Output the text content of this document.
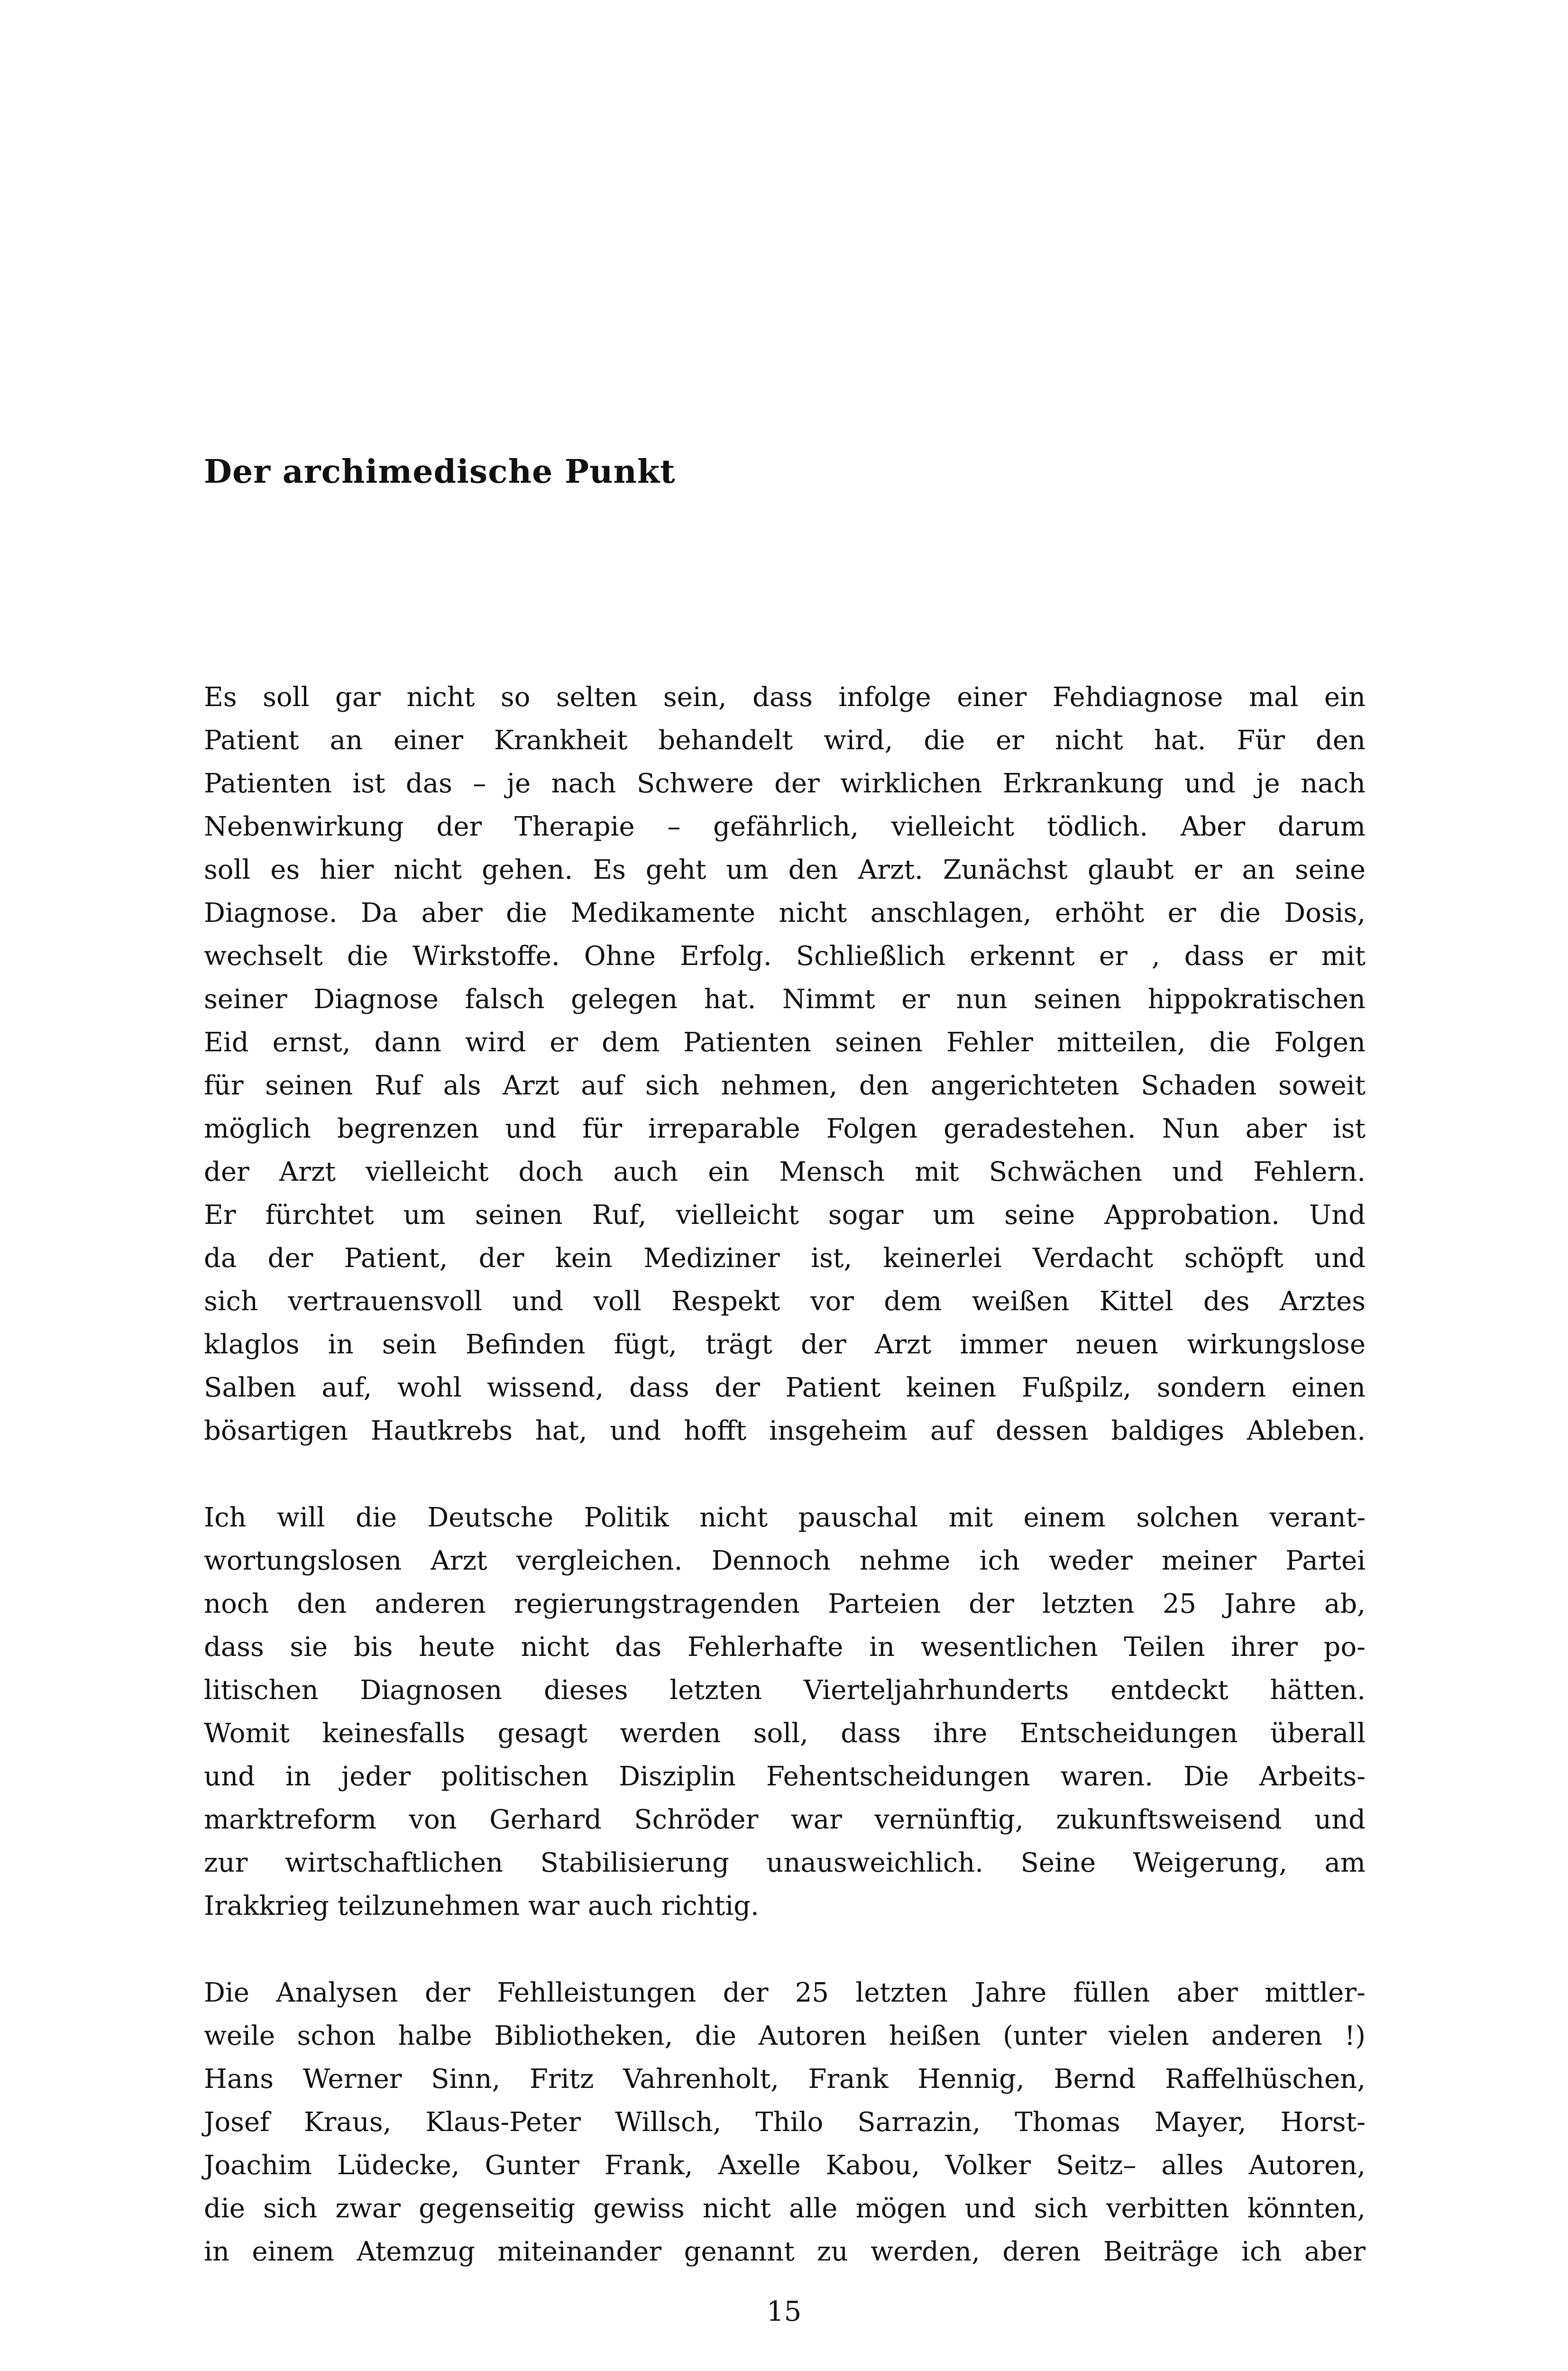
Der archimedische Punkt
Es soll gar nicht so selten sein, dass infolge einer Fehdiagnose mal ein
Patient an einer Krankheit behandelt wird, die er nicht hat. Für den
Patienten ist das – je nach Schwere der wirklichen Erkrankung und je nach
Nebenwirkung der Therapie – gefährlich, vielleicht tödlich. Aber darum
soll es hier nicht gehen. Es geht um den Arzt. Zunächst glaubt er an seine
Diagnose. Da aber die Medikamente nicht anschlagen, erhöht er die Dosis,
wechselt die Wirkstoffe. Ohne Erfolg. Schließlich erkennt er , dass er mit
seiner Diagnose falsch gelegen hat. Nimmt er nun seinen hippokratischen
Eid ernst, dann wird er dem Patienten seinen Fehler mitteilen, die Folgen
für seinen Ruf als Arzt auf sich nehmen, den angerichteten Schaden soweit
möglich begrenzen und für irreparable Folgen geradestehen. Nun aber ist
der Arzt vielleicht doch auch ein Mensch mit Schwächen und Fehlern.
Er fürchtet um seinen Ruf, vielleicht sogar um seine Approbation. Und
da der Patient, der kein Mediziner ist, keinerlei Verdacht schöpft und
sich vertrauensvoll und voll Respekt vor dem weißen Kittel des Arztes
klaglos in sein Befinden fügt, trägt der Arzt immer neuen wirkungslose
Salben auf, wohl wissend, dass der Patient keinen Fußpilz, sondern einen
bösartigen Hautkrebs hat, und hofft insgeheim auf dessen baldiges Ableben.
Ich will die Deutsche Politik nicht pauschal mit einem solchen verant-
wortungslosen Arzt vergleichen. Dennoch nehme ich weder meiner Partei
noch den anderen regierungstragenden Parteien der letzten 25 Jahre ab,
dass sie bis heute nicht das Fehlerhafte in wesentlichen Teilen ihrer po-
litischen Diagnosen dieses letzten Vierteljahrhunderts entdeckt hätten.
Womit keinesfalls gesagt werden soll, dass ihre Entscheidungen überall
und in jeder politischen Disziplin Fehentscheidungen waren. Die Arbeits-
marktreform von Gerhard Schröder war vernünftig, zukunftsweisend und
zur wirtschaftlichen Stabilisierung unausweichlich. Seine Weigerung, am
Irakkrieg teilzunehmen war auch richtig.
Die Analysen der Fehlleistungen der 25 letzten Jahre füllen aber mittler-
weile schon halbe Bibliotheken, die Autoren heißen (unter vielen anderen !)
Hans Werner Sinn, Fritz Vahrenholt, Frank Hennig, Bernd Raffelhüschen,
Josef Kraus, Klaus-Peter Willsch, Thilo Sarrazin, Thomas Mayer, Horst-
Joachim Lüdecke, Gunter Frank, Axelle Kabou, Volker Seitz– alles Autoren,
die sich zwar gegenseitig gewiss nicht alle mögen und sich verbitten könnten,
in einem Atemzug miteinander genannt zu werden, deren Beiträge ich aber
15
